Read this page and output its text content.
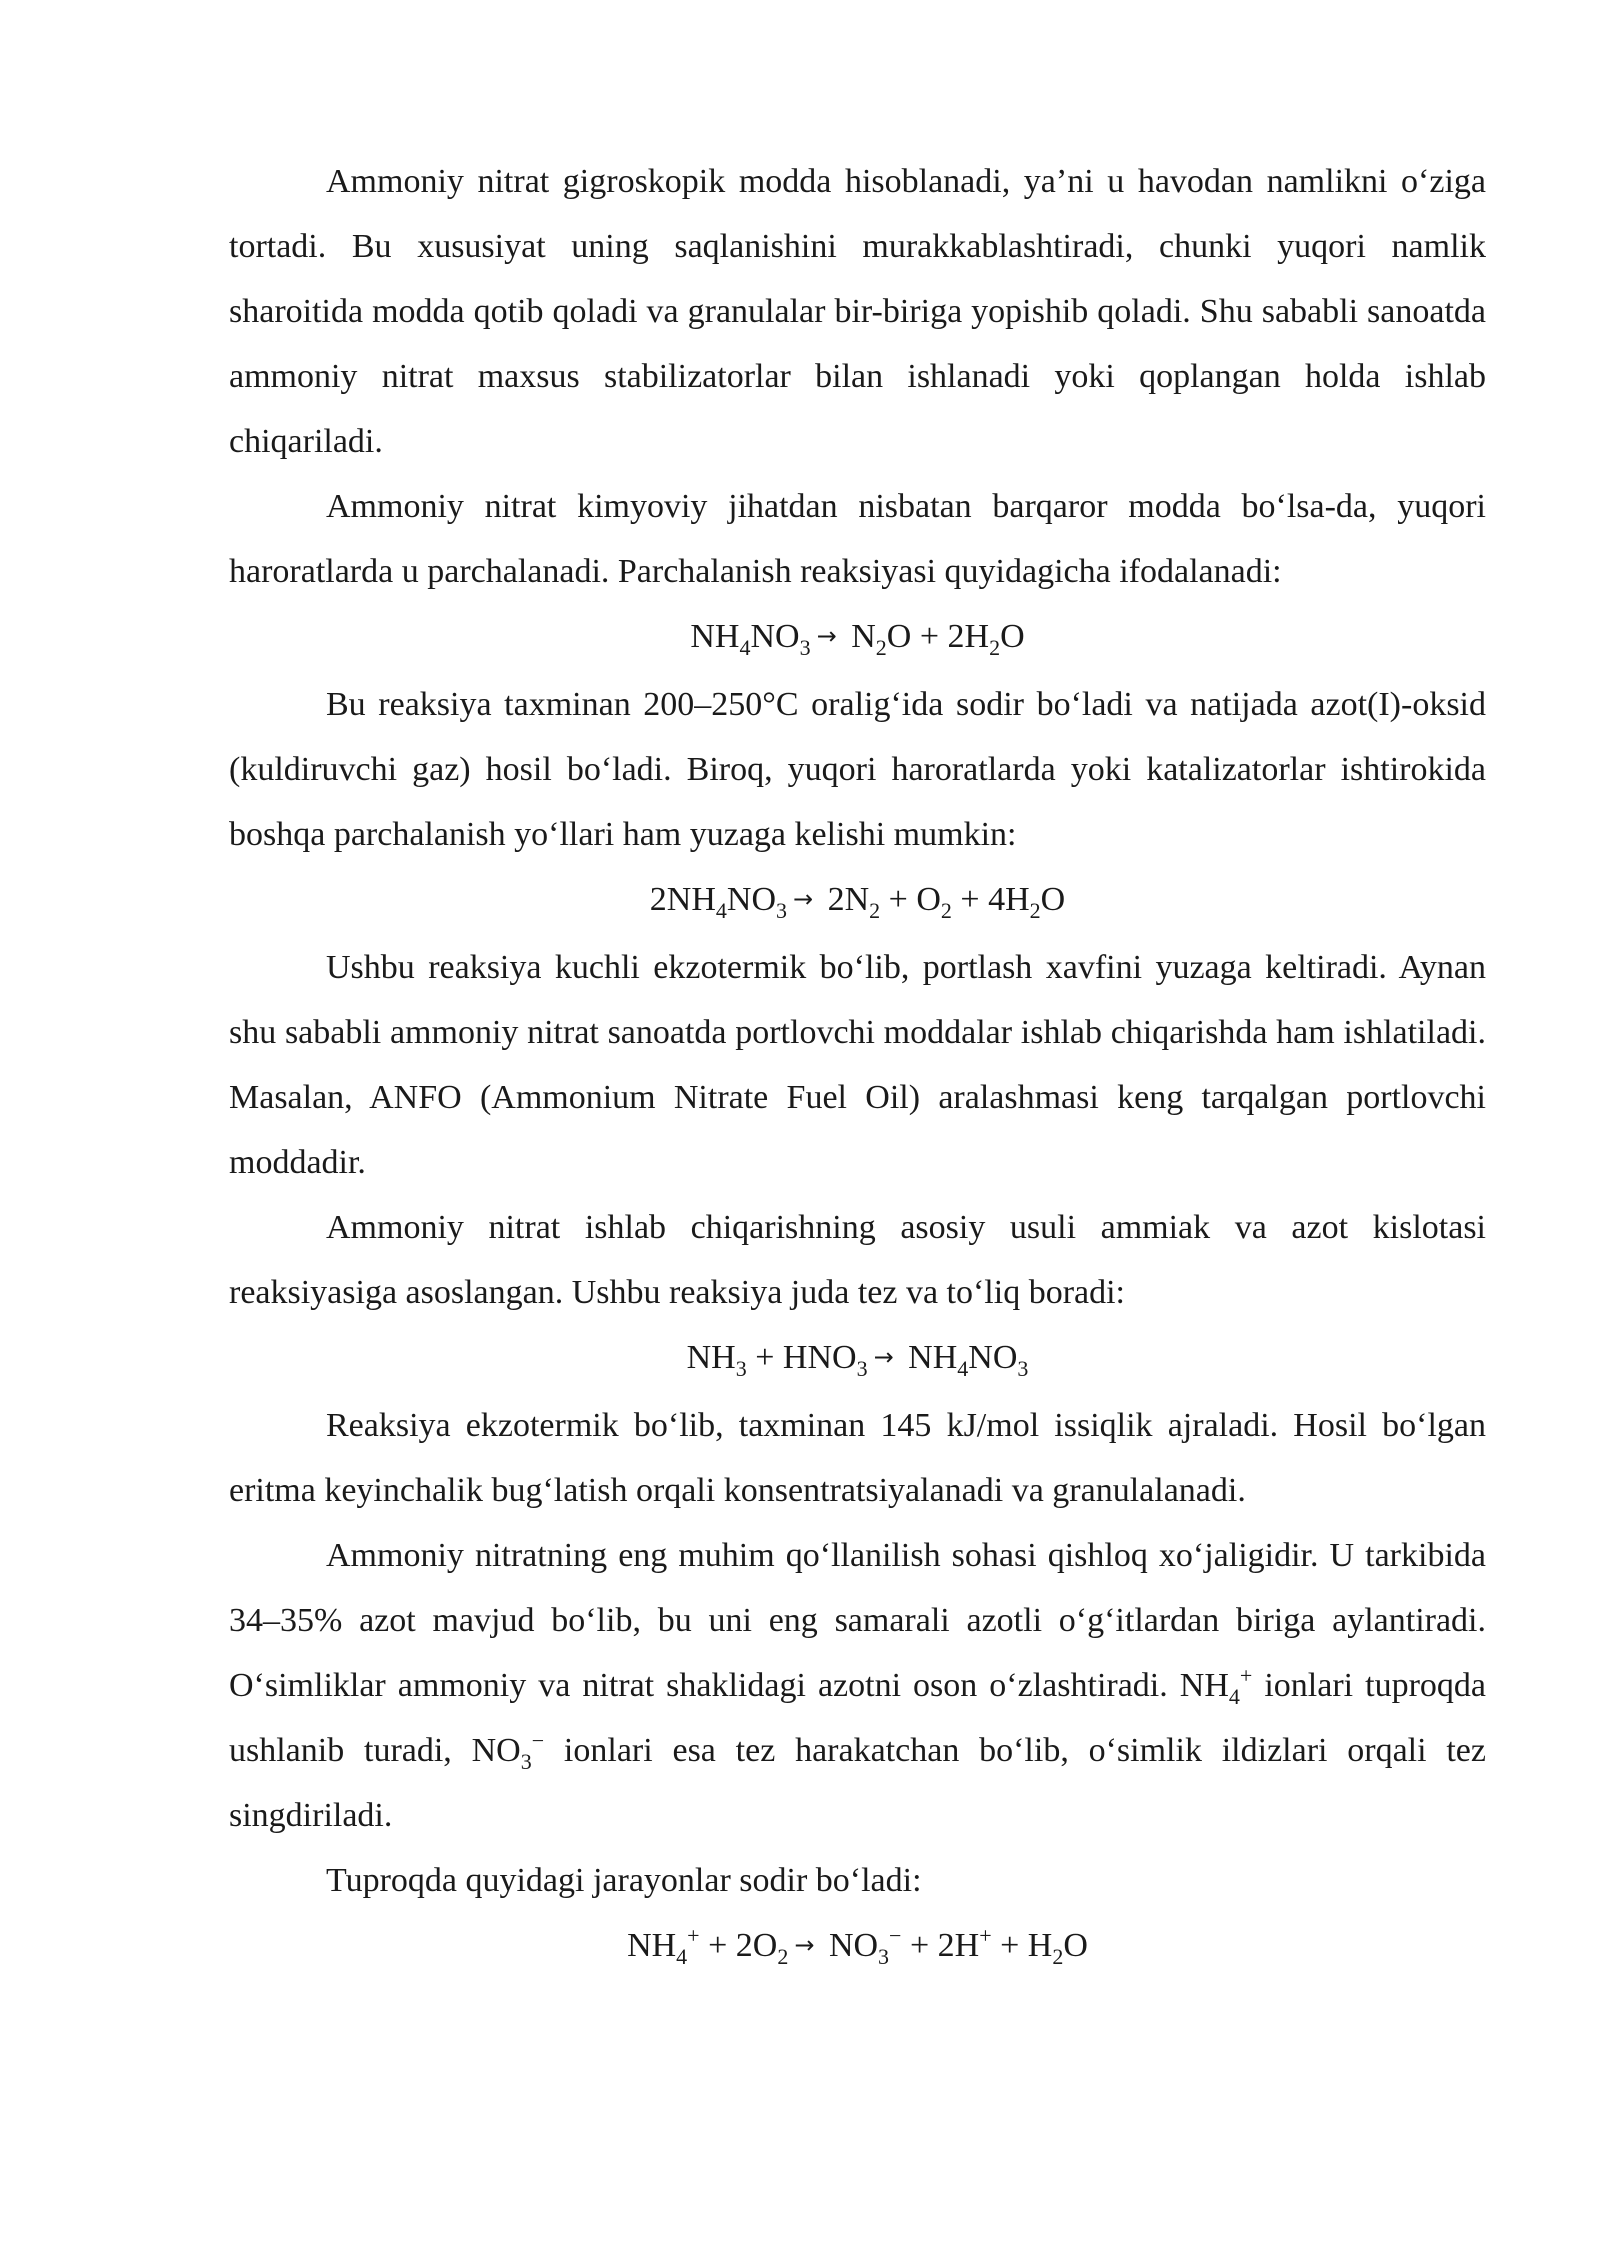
Ammoniy nitrat gigroskopik modda hisoblanadi, ya’ni u havodan namlikni o‘ziga tortadi. Bu xususiyat uning saqlanishini murakkablashtiradi, chunki yuqori namlik sharoitida modda qotib qoladi va granulalar bir-biriga yopishib qoladi. Shu sababli sanoatda ammoniy nitrat maxsus stabilizatorlar bilan ishlanadi yoki qoplangan holda ishlab chiqariladi.

Ammoniy nitrat kimyoviy jihatdan nisbatan barqaror modda bo‘lsa-da, yuqori haroratlarda u parchalanadi. Parchalanish reaksiyasi quyidagicha ifodalanadi:

$NH_4NO_3 \to N_2O + 2H_2O$

Bu reaksiya taxminan 200–250°C oralig‘ida sodir bo‘ladi va natijada azot(I)-oksid (kuldiruvchi gaz) hosil bo‘ladi. Biroq, yuqori haroratlarda yoki katalizatorlar ishtirokida boshqa parchalanish yo‘llari ham yuzaga kelishi mumkin:

$2NH_4NO_3 \to 2N_2 + O_2 + 4H_2O$

Ushbu reaksiya kuchli ekzotermik bo‘lib, portlash xavfini yuzaga keltiradi. Aynan shu sababli ammoniy nitrat sanoatda portlovchi moddalar ishlab chiqarishda ham ishlatiladi. Masalan, ANFO (Ammonium Nitrate Fuel Oil) aralashmasi keng tarqalgan portlovchi moddadir.

Ammoniy nitrat ishlab chiqarishning asosiy usuli ammiak va azot kislotasi reaksiyasiga asoslangan. Ushbu reaksiya juda tez va to‘liq boradi:

$NH_3 + HNO_3 \to NH_4NO_3$

Reaksiya ekzotermik bo‘lib, taxminan 145 kJ/mol issiqlik ajraladi. Hosil bo‘lgan eritma keyinchalik bug‘latish orqali konsentratsiyalanadi va granulalanadi.

Ammoniy nitratning eng muhim qo‘llanilish sohasi qishloq xo‘jaligidir. U tarkibida 34–35% azot mavjud bo‘lib, bu uni eng samarali azotli o‘g‘itlardan biriga aylantiradi. O‘simliklar ammoniy va nitrat shaklidagi azotni oson o‘zlashtiradi. $NH_4^+$ ionlari tuproqda ushlanib turadi, $NO_3^-$ ionlari esa tez harakatchan bo‘lib, o‘simlik ildizlari orqali tez singdiriladi.

Tuproqda quyidagi jarayonlar sodir bo‘ladi:

$NH_4^+ + 2O_2 \to NO_3^- + 2H^+ + H_2O$
